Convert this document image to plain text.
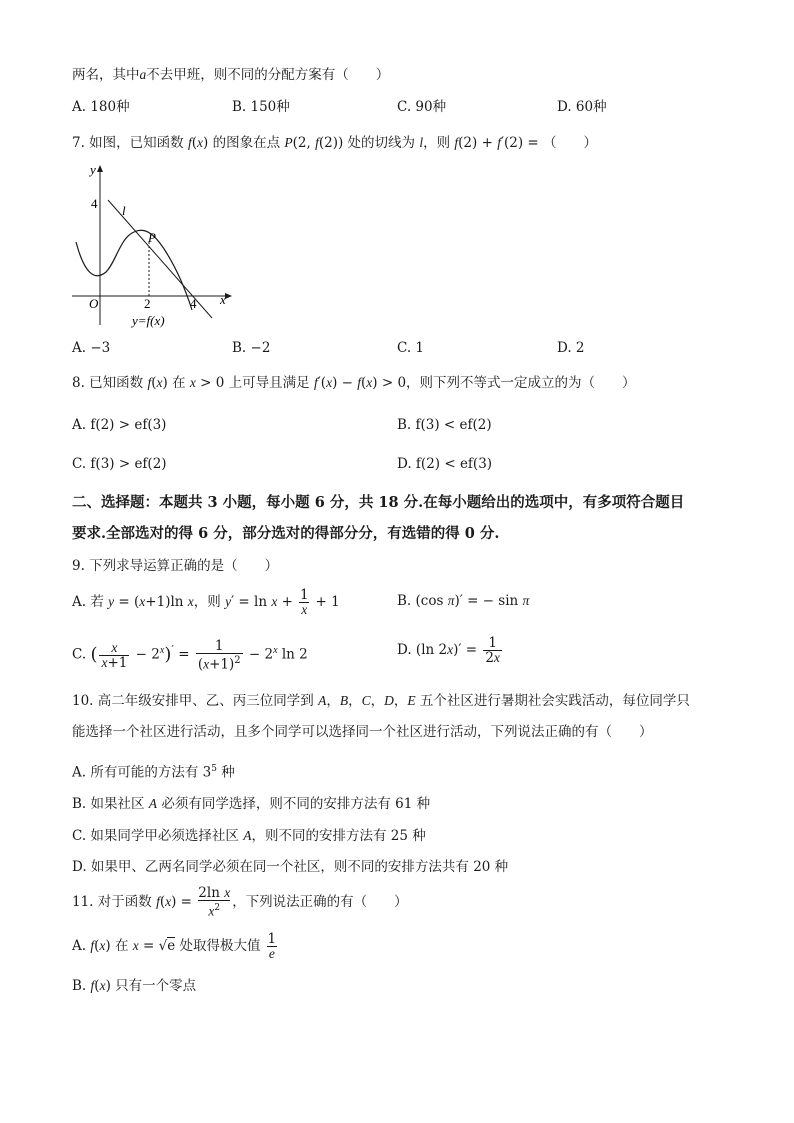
两名，其中a不去甲班，则不同的分配方案有（　　）
A. 180种	B. 150种	C. 90种	D. 60种
7. 如图，已知函数 f(x) 的图象在点 P(2, f(2)) 处的切线为 l，则 f(2) + f′(2) = （　　）
y
x
O
4
2	4
l
P
y=f(x)
A. −3	B. −2	C. 1	D. 2
8. 已知函数 f(x) 在 x > 0 上可导且满足 f′(x) − f(x) > 0，则下列不等式一定成立的为（　　）
A. f(2) > ef(3)	B. f(3) < ef(2)
C. f(3) > ef(2)	D. f(2) < ef(3)
二、选择题：本题共 3 小题，每小题 6 分，共 18 分.在每小题给出的选项中，有多项符合题目
要求.全部选对的得 6 分，部分选对的得部分分，有选错的得 0 分.
9. 下列求导运算正确的是（　　）
A. 若 y = (x+1)ln x，则 $y' = \ln x + \frac{1}{x} + 1$	B. (cos π)′ = − sin π
C. ( $\frac{x}{x+1} - 2^x)' = \frac{1}{(x+1)^2} - 2^x$ ln 2	D. (ln $2x)' = \frac{1}{2x}$
10. 高二年级安排甲、乙、丙三位同学到 A，B，C，D，E 五个社区进行暑期社会实践活动，每位同学只
能选择一个社区进行活动，且多个同学可以选择同一个社区进行活动，下列说法正确的有（　　）
A. 所有可能的方法有 $3^5$ 种
B. 如果社区 A 必须有同学选择，则不同的安排方法有 61 种
C. 如果同学甲必须选择社区 A，则不同的安排方法有 25 种
D. 如果甲、乙两名同学必须在同一个社区，则不同的安排方法共有 20 种
11. 对于函数 $f(x) = \frac{\text{2ln x}}{x^2}$ ，下列说法正确的有（　　）
A. f(x) 在 x = √e 处取得极大值 $\frac{1}{e}$
B. f(x) 只有一个零点
